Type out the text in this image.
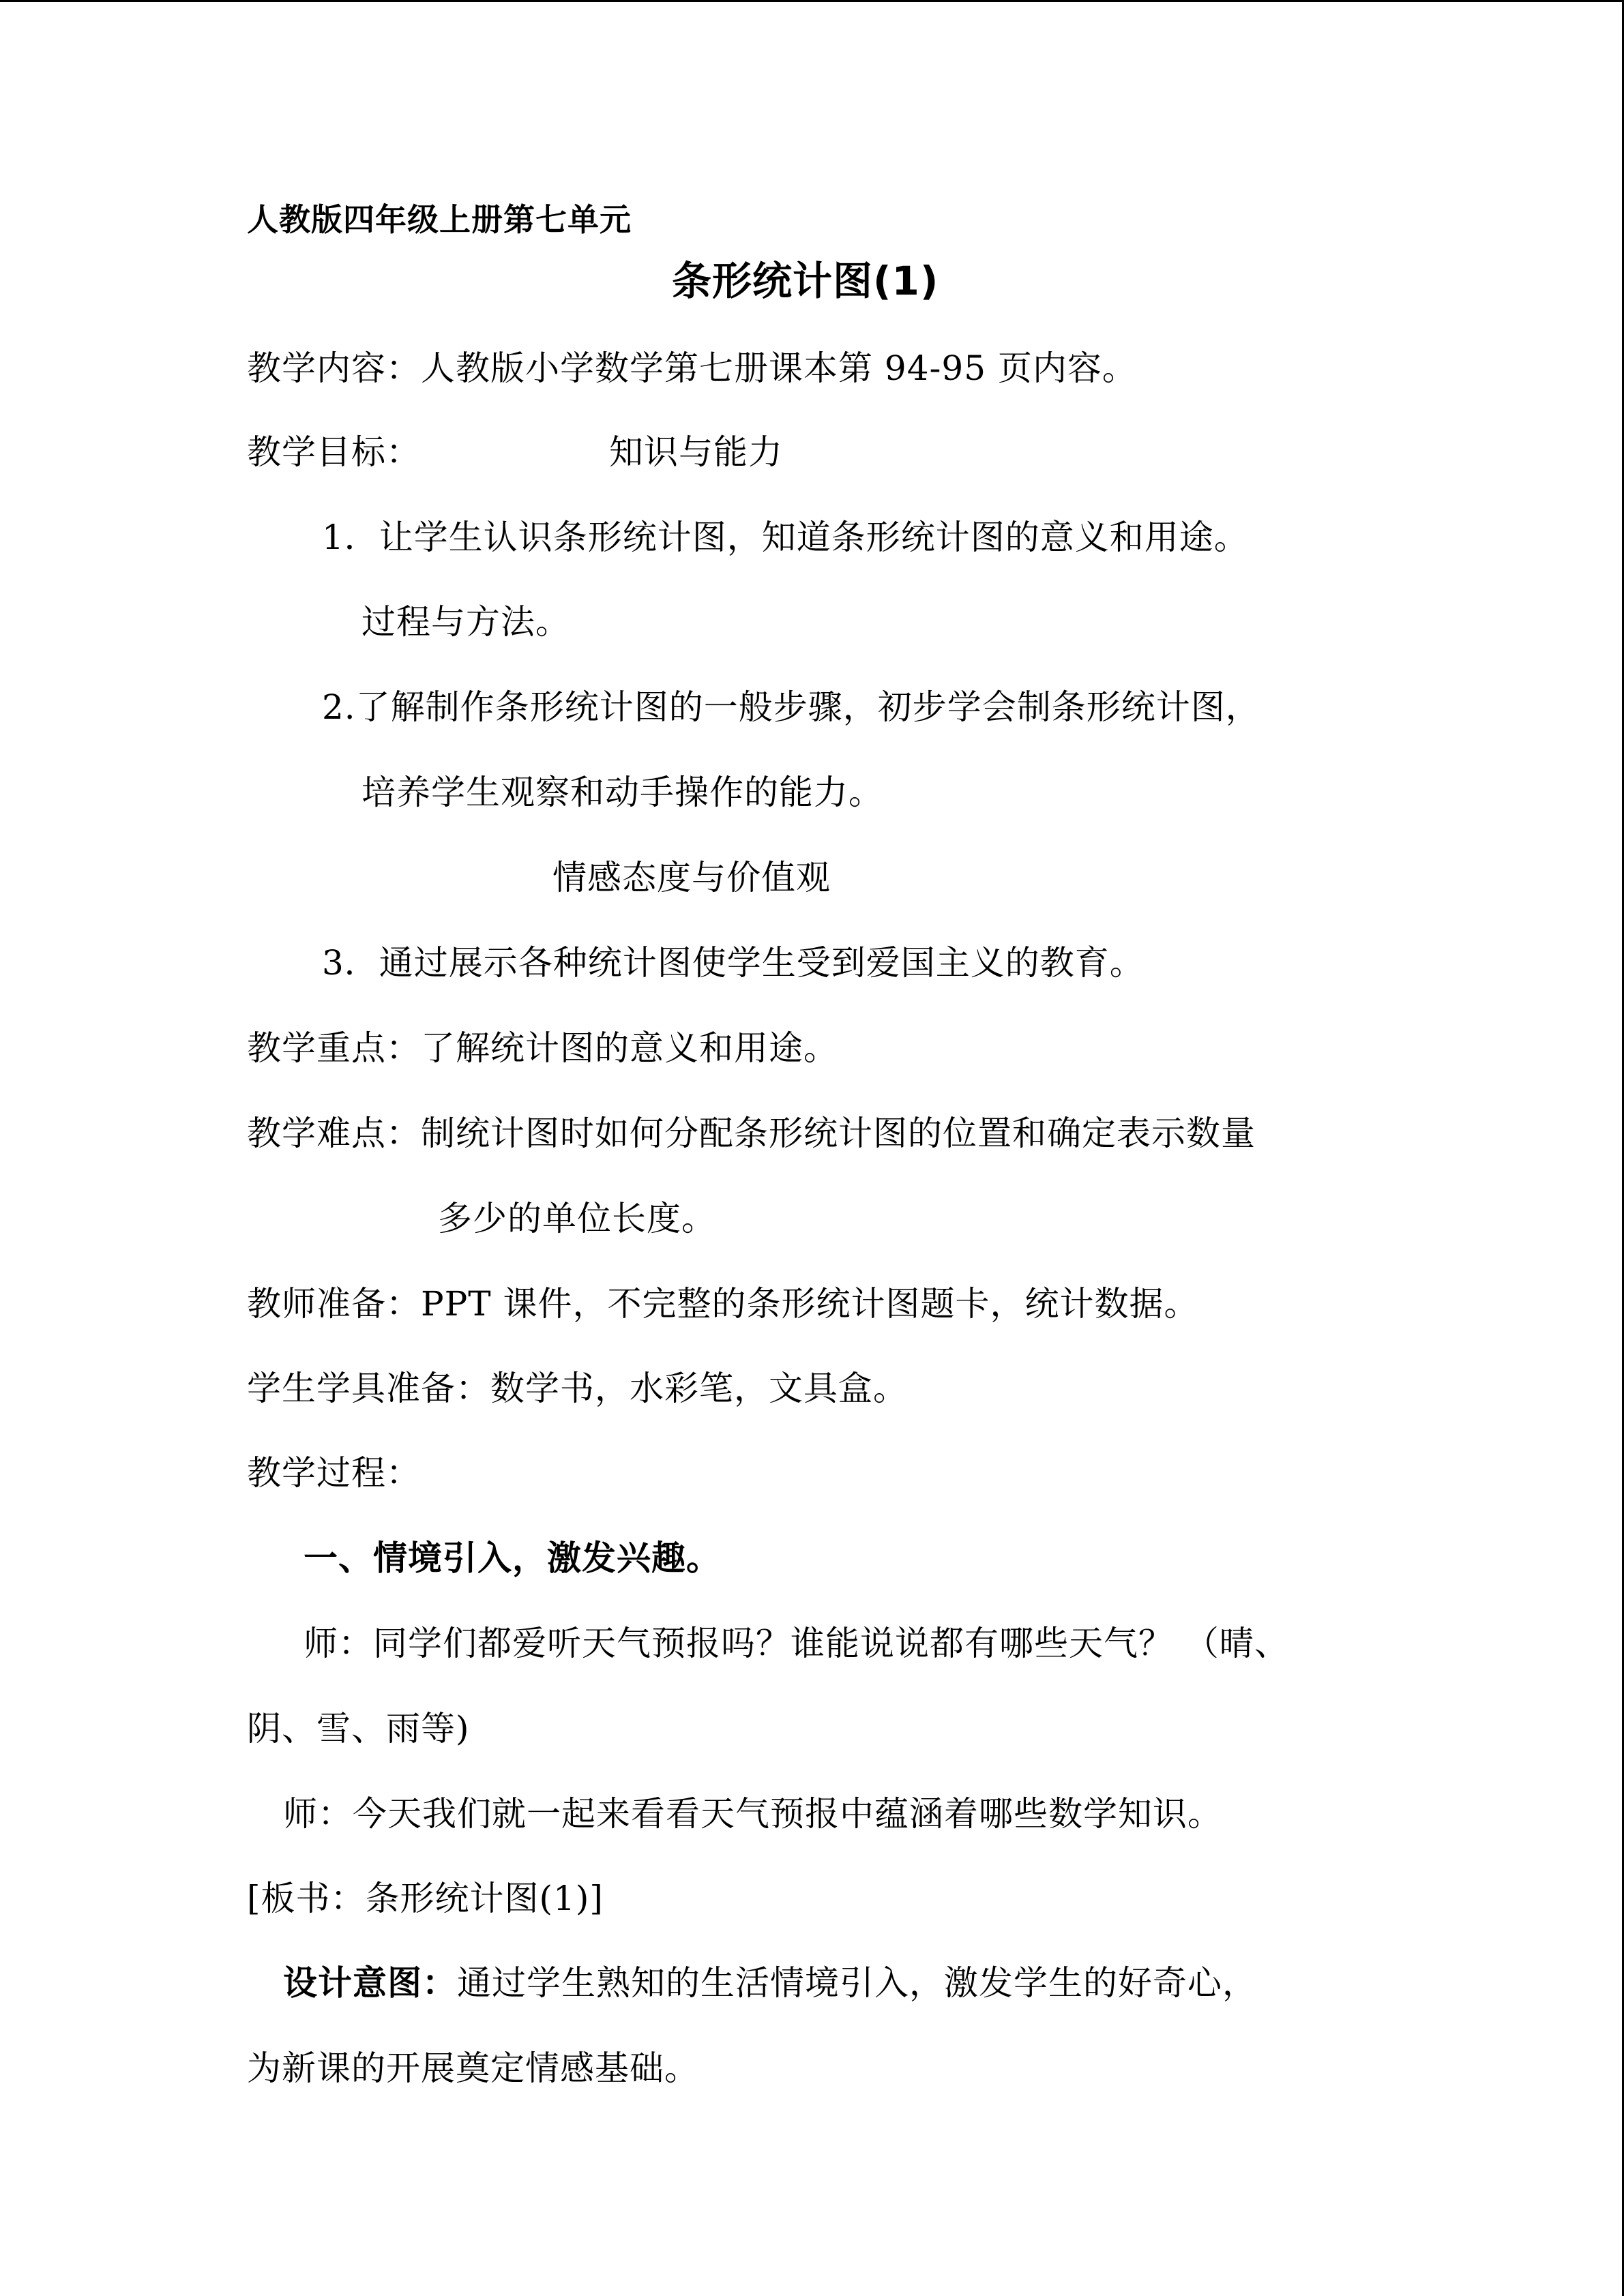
人教版四年级上册第七单元
条形统计图(1)
教学内容：人教版小学数学第七册课本第 94-95 页内容。
教学目标：	知识与能力
1．让学生认识条形统计图，知道条形统计图的意义和用途。
过程与方法。
2.了解制作条形统计图的一般步骤，初步学会制条形统计图，
培养学生观察和动手操作的能力。
情感态度与价值观
3．通过展示各种统计图使学生受到爱国主义的教育。
教学重点：了解统计图的意义和用途。
教学难点：制统计图时如何分配条形统计图的位置和确定表示数量
多少的单位长度。
教师准备：PPT 课件，不完整的条形统计图题卡，统计数据。
学生学具准备：数学书，水彩笔，文具盒。
教学过程：
一、情境引入，激发兴趣。
师：同学们都爱听天气预报吗？谁能说说都有哪些天气？ （晴、
阴、雪、雨等)
师：今天我们就一起来看看天气预报中蕴涵着哪些数学知识。
[板书：条形统计图(1)]
设计意图：通过学生熟知的生活情境引入，激发学生的好奇心，
为新课的开展奠定情感基础。
